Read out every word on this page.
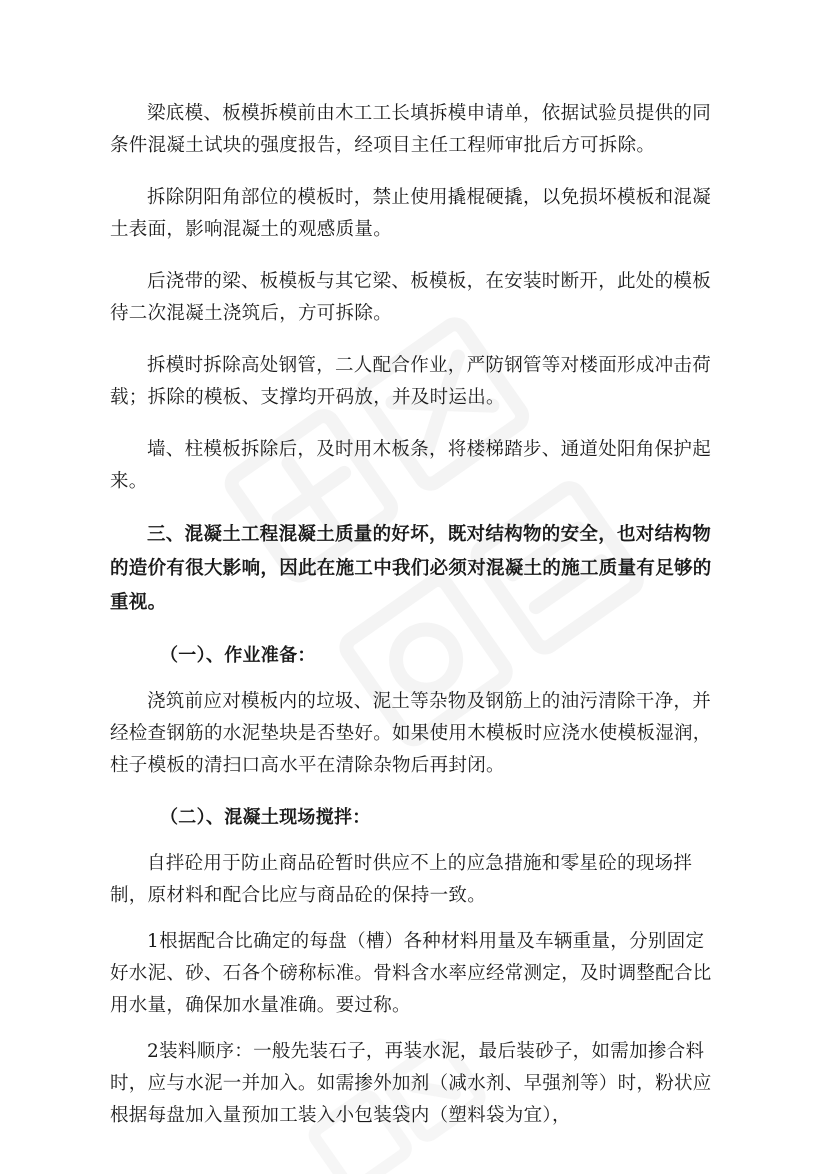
梁底模、板模拆模前由木工工长填拆模申请单，依据试验员提供的同条件混凝土试块的强度报告，经项目主任工程师审批后方可拆除。

拆除阴阳角部位的模板时，禁止使用撬棍硬撬，以免损坏模板和混凝土表面，影响混凝土的观感质量。

后浇带的梁、板模板与其它梁、板模板，在安装时断开，此处的模板待二次混凝土浇筑后，方可拆除。

拆模时拆除高处钢管，二人配合作业，严防钢管等对楼面形成冲击荷载；拆除的模板、支撑均开码放，并及时运出。

墙、柱模板拆除后，及时用木板条，将楼梯踏步、通道处阳角保护起来。

三、混凝土工程混凝土质量的好坏，既对结构物的安全，也对结构物的造价有很大影响，因此在施工中我们必须对混凝土的施工质量有足够的重视。

（一）、作业准备：

浇筑前应对模板内的垃圾、泥土等杂物及钢筋上的油污清除干净，并经检查钢筋的水泥垫块是否垫好。如果使用木模板时应浇水使模板湿润，柱子模板的清扫口高水平在清除杂物后再封闭。

（二）、混凝土现场搅拌：

自拌砼用于防止商品砼暂时供应不上的应急措施和零星砼的现场拌制，原材料和配合比应与商品砼的保持一致。

1根据配合比确定的每盘（槽）各种材料用量及车辆重量，分别固定好水泥、砂、石各个磅称标准。骨料含水率应经常测定，及时调整配合比用水量，确保加水量准确。要过称。

2装料顺序：一般先装石子，再装水泥，最后装砂子，如需加掺合料时，应与水泥一并加入。如需掺外加剂（减水剂、早强剂等）时，粉状应根据每盘加入量预加工装入小包装袋内（塑料袋为宜），
